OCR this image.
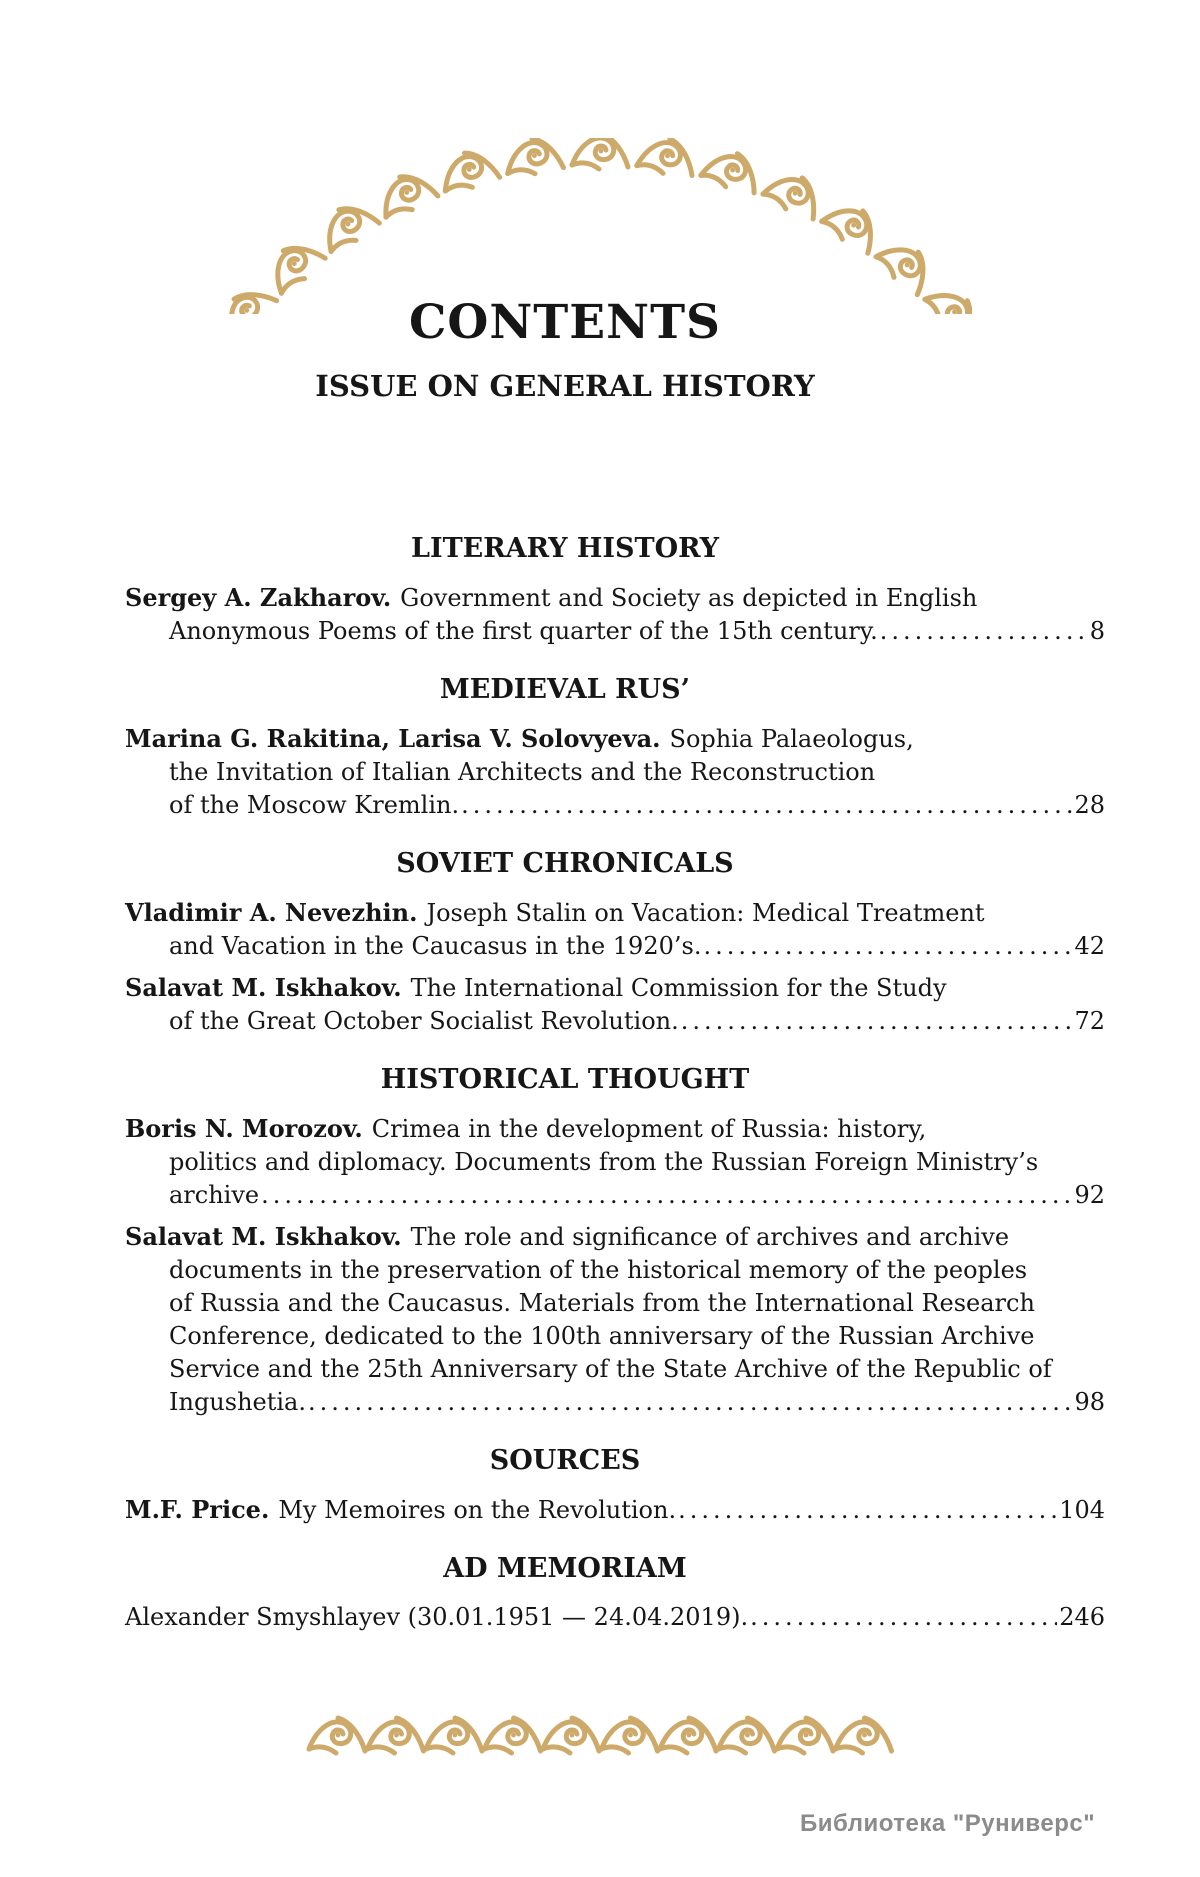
CONTENTS
ISSUE ON GENERAL HISTORY
LITERARY HISTORY
Sergey A. Zakharov. Government and Society as depicted in English
Anonymous Poems of the first quarter of the 15th century. .....	8
MEDIEVAL RUS’
Marina G. Rakitina, Larisa V. Solovyeva. Sophia Palaeologus,
the Invitation of Italian Architects and the Reconstruction
of the Moscow Kremlin. .....	28
SOVIET CHRONICALS
Vladimir A. Nevezhin. Joseph Stalin on Vacation: Medical Treatment
and Vacation in the Caucasus in the 1920’s. .....	42
Salavat M. Iskhakov. The International Commission for the Study
of the Great October Socialist Revolution. .....	72
HISTORICAL THOUGHT
Boris N. Morozov. Crimea in the development of Russia: history,
politics and diplomacy. Documents from the Russian Foreign Ministry’s
archive .....	92
Salavat M. Iskhakov. The role and significance of archives and archive
documents in the preservation of the historical memory of the peoples
of Russia and the Caucasus. Materials from the International Research
Conference, dedicated to the 100th anniversary of the Russian Archive
Service and the 25th Anniversary of the State Archive of the Republic of
Ingushetia. .....	98
SOURCES
M.F. Price. My Memoires on the Revolution. .....	104
AD MEMORIAM
Alexander Smyshlayev (30.01.1951 — 24.04.2019). .....	246
Библиотека "Руниверс"
